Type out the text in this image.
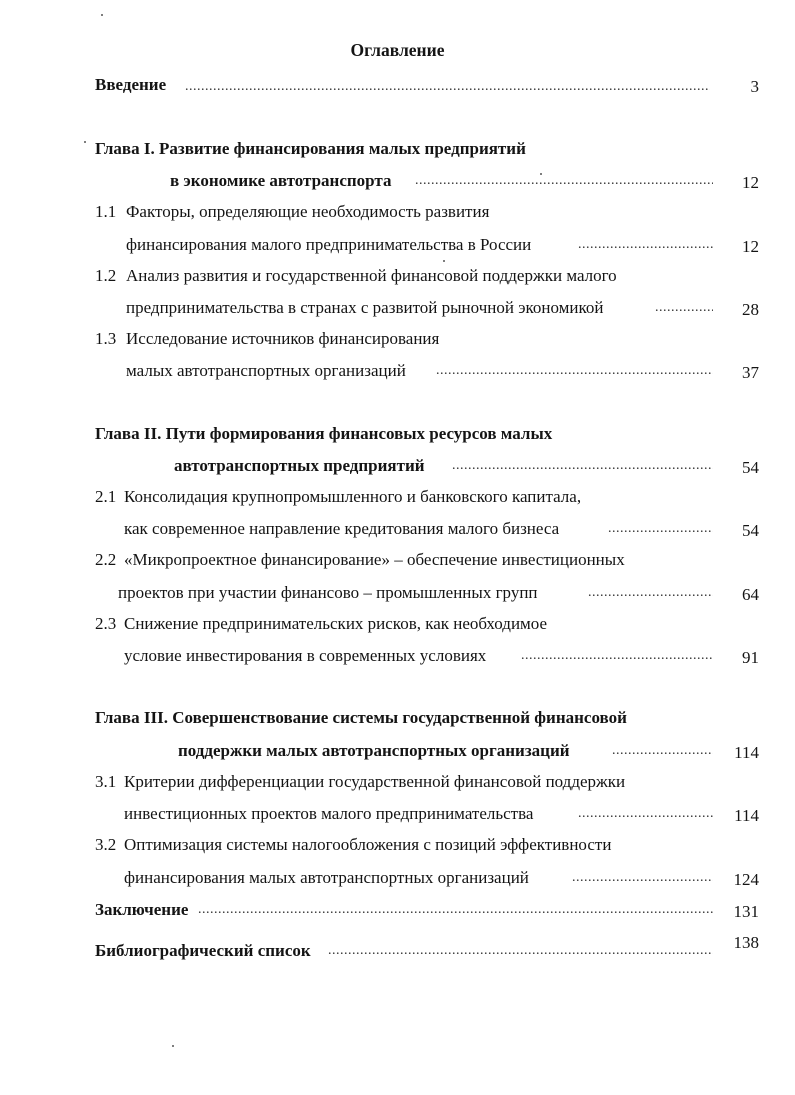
Оглавление
Введение .....	3
Глава I. Развитие финансирования малых предприятий
в экономике автотранспорта .....	12
1.1 Факторы, определяющие необходимость развития
финансирования малого предпринимательства в России .....	12
1.2 Анализ развития и государственной финансовой поддержки малого
предпринимательства в странах с развитой рыночной экономикой .....	28
1.3 Исследование источников финансирования
малых автотранспортных организаций .....	37
Глава II. Пути формирования финансовых ресурсов малых
автотранспортных предприятий .....	54
2.1 Консолидация крупнопромышленного и банковского капитала,
как современное направление кредитования малого бизнеса .....	54
2.2 «Микропроектное финансирование» – обеспечение инвестиционных
проектов при участии финансово – промышленных групп .....	64
2.3 Снижение предпринимательских рисков, как необходимое
условие инвестирования в современных условиях .....	91
Глава III. Совершенствование системы государственной финансовой
поддержки малых автотранспортных организаций .....	114
3.1 Критерии дифференциации государственной финансовой поддержки
инвестиционных проектов малого предпринимательства .....	114
3.2 Оптимизация системы налогообложения с позиций эффективности
финансирования малых автотранспортных организаций .....	124
Заключение .....	131
Библиографический список .....	138
